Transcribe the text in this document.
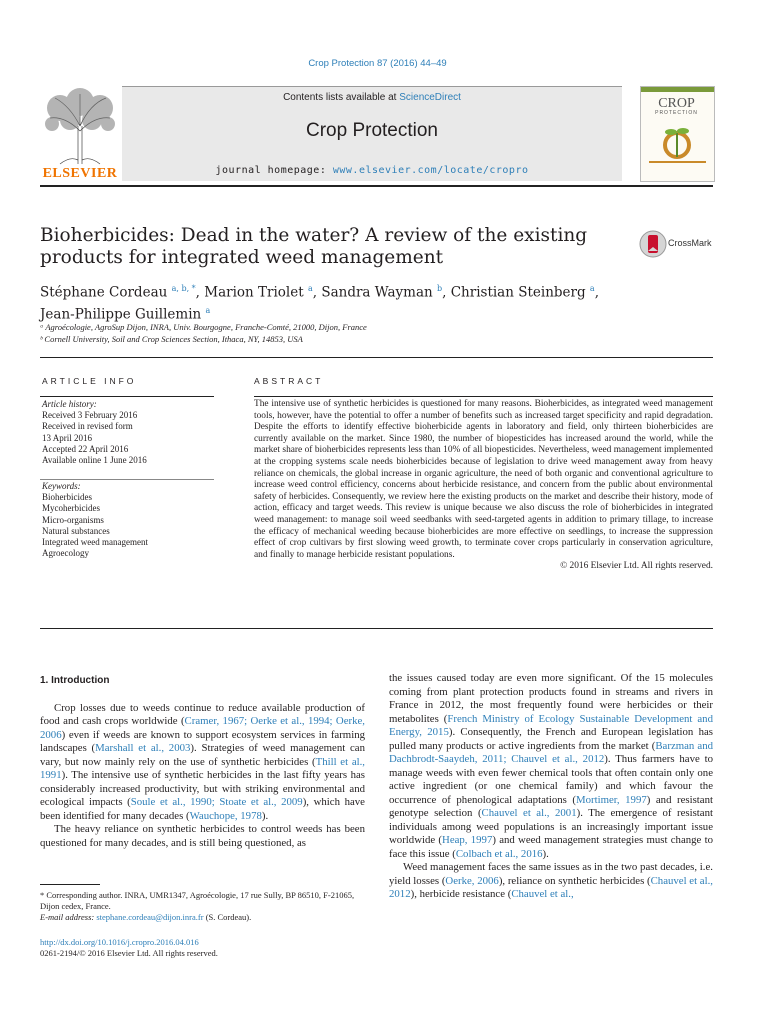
Crop Protection 87 (2016) 44–49
ELSEVIER
Contents lists available at ScienceDirect
Crop Protection
journal homepage: www.elsevier.com/locate/cropro
CROP
PROTECTION
Bioherbicides: Dead in the water? A review of the existing products for integrated weed management
CrossMark
Stéphane Cordeau $^{a, b, *}$, Marion Triolet $^a$, Sandra Wayman $^b$, Christian Steinberg $^a$,
Jean-Philippe Guillemin $^a$
ᵃ Agroécologie, AgroSup Dijon, INRA, Univ. Bourgogne, Franche-Comté, 21000, Dijon, France
ᵇ Cornell University, Soil and Crop Sciences Section, Ithaca, NY, 14853, USA
ARTICLE INFO	ABSTRACT
Article history:
Received 3 February 2016
Received in revised form
13 April 2016
Accepted 22 April 2016
Available online 1 June 2016
Keywords:
Bioherbicides
Mycoherbicides
Micro-organisms
Natural substances
Integrated weed management
Agroecology
The intensive use of synthetic herbicides is questioned for many reasons. Bioherbicides, as integrated weed management tools, however, have the potential to offer a number of benefits such as increased target specificity and rapid degradation. Despite the efforts to identify effective bioherbicide agents in laboratory and field, only thirteen bioherbicides are currently available on the market. Since 1980, the number of biopesticides has increased around the world, while the market share of bioherbicides represents less than 10% of all biopesticides. Nevertheless, weed management implemented at the cropping systems scale needs bioherbicides because of legislation to drive weed management away from heavy reliance on chemicals, the global increase in organic agriculture, the need of both organic and conventional agriculture to increase weed control efficiency, concerns about herbicide resistance, and concern from the public about environmental safety of herbicides. Consequently, we review here the existing products on the market and describe their history, mode of action, efficacy and target weeds. This review is unique because we also discuss the role of bioherbicides in integrated weed management: to manage soil weed seedbanks with seed-targeted agents in addition to primary tillage, to increase the efficacy of mechanical weeding because bioherbicides are more effective on seedlings, to increase the suppression effect of crop cultivars by first slowing weed growth, to terminate cover crops particularly in conservation agriculture, and finally to manage herbicide resistant populations.
© 2016 Elsevier Ltd. All rights reserved.
1. Introduction

Crop losses due to weeds continue to reduce available production of food and cash crops worldwide (Cramer, 1967; Oerke et al., 1994; Oerke, 2006) even if weeds are known to support ecosystem services in farming landscapes (Marshall et al., 2003). Strategies of weed management can vary, but now mainly rely on the use of synthetic herbicides (Thill et al., 1991). The intensive use of synthetic herbicides in the last fifty years has considerably increased productivity, but with striking environmental and ecological impacts (Soule et al., 1990; Stoate et al., 2009), which have been identified for many decades (Wauchope, 1978).

The heavy reliance on synthetic herbicides to control weeds has been questioned for many decades, and is still being questioned, as

the issues caused today are even more significant. Of the 15 molecules coming from plant protection products found in streams and rivers in France in 2012, the most frequently found were herbicides or their metabolites (French Ministry of Ecology Sustainable Development and Energy, 2015). Consequently, the French and European legislation has pulled many products or active ingredients from the market (Barzman and Dachbrodt-Saaydeh, 2011; Chauvel et al., 2012). Thus farmers have to manage weeds with even fewer chemical tools that often contain only one active ingredient (or one chemical family) and which favour the occurrence of phenological adaptations (Mortimer, 1997) and resistant genotype selection (Chauvel et al., 2001). The emergence of resistant individuals among weed populations is an increasingly important issue worldwide (Heap, 1997) and weed management strategies must change to face this issue (Colbach et al., 2016).

Weed management faces the same issues as in the two past decades, i.e. yield losses (Oerke, 2006), reliance on synthetic herbicides (Chauvel et al., 2012), herbicide resistance (Chauvel et al.,

* Corresponding author. INRA, UMR1347, Agroécologie, 17 rue Sully, BP 86510, F-21065, Dijon cedex, France.
E-mail address: stephane.cordeau@dijon.inra.fr (S. Cordeau).
http://dx.doi.org/10.1016/j.cropro.2016.04.016
0261-2194/© 2016 Elsevier Ltd. All rights reserved.
